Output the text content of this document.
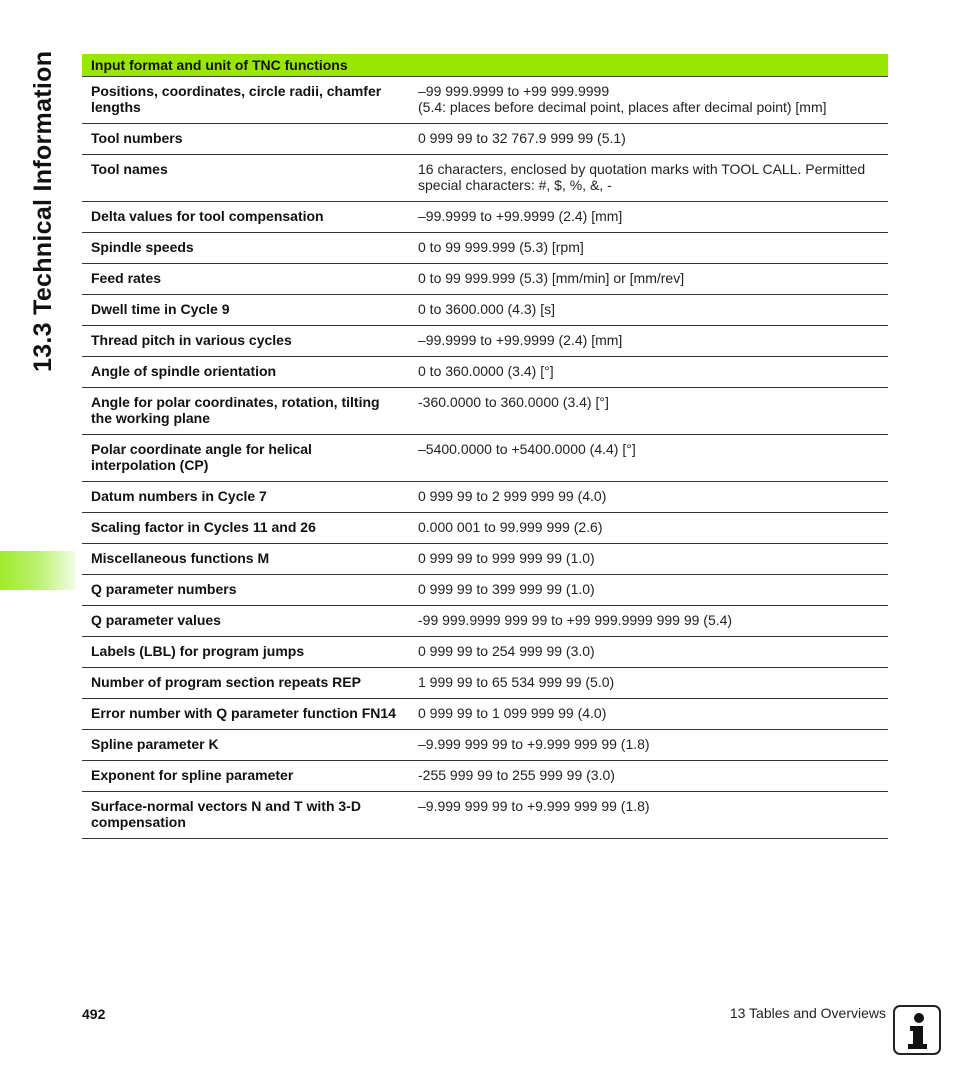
13.3 Technical Information	Input format and unit of TNC functions	
Positions, coordinates, circle radii, chamfer lengths	–99 999.9999 to +99 999.9999
(5.4: places before decimal point, places after decimal point) [mm]

Tool numbers	0 999 99 to 32 767.9 999 99 (5.1)
Tool names	16 characters, enclosed by quotation marks with TOOL CALL. Permitted special characters: #, $, %, &, -
Delta values for tool compensation	–99.9999 to +99.9999 (2.4) [mm]
Spindle speeds	0 to 99 999.999 (5.3) [rpm]
Feed rates	0 to 99 999.999 (5.3) [mm/min] or [mm/rev]
Dwell time in Cycle 9	0 to 3600.000 (4.3) [s]
Thread pitch in various cycles	–99.9999 to +99.9999 (2.4) [mm]
Angle of spindle orientation	0 to 360.0000 (3.4) [°]
Angle for polar coordinates, rotation, tilting the working plane	-360.0000 to 360.0000 (3.4) [°]
Polar coordinate angle for helical interpolation (CP)	–5400.0000 to +5400.0000 (4.4) [°]
Datum numbers in Cycle 7	0 999 99 to 2 999 999 99 (4.0)
Scaling factor in Cycles 11 and 26	0.000 001 to 99.999 999 (2.6)
Miscellaneous functions M	0 999 99 to 999 999 99 (1.0)
Q parameter numbers	0 999 99 to 399 999 99 (1.0)
Q parameter values	-99 999.9999 999 99 to +99 999.9999 999 99 (5.4)
Labels (LBL) for program jumps	0 999 99 to 254 999 99 (3.0)
Number of program section repeats REP	1 999 99 to 65 534 999 99 (5.0)
Error number with Q parameter function FN14	0 999 99 to 1 099 999 99 (4.0)
Spline parameter K	–9.999 999 99 to +9.999 999 99 (1.8)
Exponent for spline parameter	-255 999 99 to 255 999 99 (3.0)
Surface-normal vectors N and T with 3-D compensation	–9.999 999 99 to +9.999 999 99 (1.8)
492	13 Tables and Overviews
